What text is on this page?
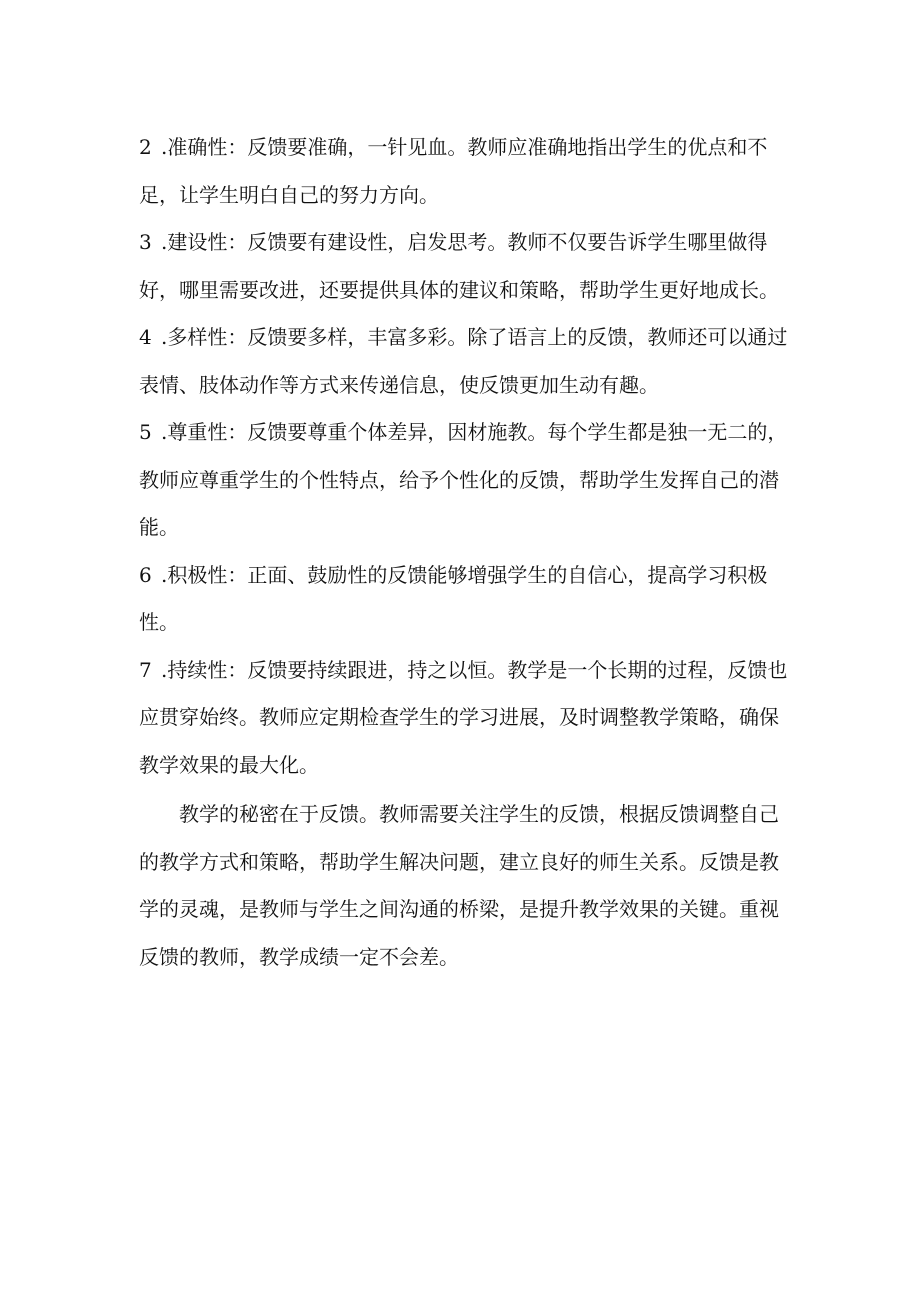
2 .准确性：反馈要准确，一针见血。教师应准确地指出学生的优点和不足，让学生明白自己的努力方向。

3 .建设性：反馈要有建设性，启发思考。教师不仅要告诉学生哪里做得好，哪里需要改进，还要提供具体的建议和策略，帮助学生更好地成长。

4 .多样性：反馈要多样，丰富多彩。除了语言上的反馈，教师还可以通过表情、肢体动作等方式来传递信息，使反馈更加生动有趣。

5 .尊重性：反馈要尊重个体差异，因材施教。每个学生都是独一无二的，教师应尊重学生的个性特点，给予个性化的反馈，帮助学生发挥自己的潜能。

6 .积极性：正面、鼓励性的反馈能够增强学生的自信心，提高学习积极性。

7 .持续性：反馈要持续跟进，持之以恒。教学是一个长期的过程，反馈也应贯穿始终。教师应定期检查学生的学习进展，及时调整教学策略，确保教学效果的最大化。

教学的秘密在于反馈。教师需要关注学生的反馈，根据反馈调整自己的教学方式和策略，帮助学生解决问题，建立良好的师生关系。反馈是教学的灵魂，是教师与学生之间沟通的桥梁，是提升教学效果的关键。重视反馈的教师，教学成绩一定不会差。
